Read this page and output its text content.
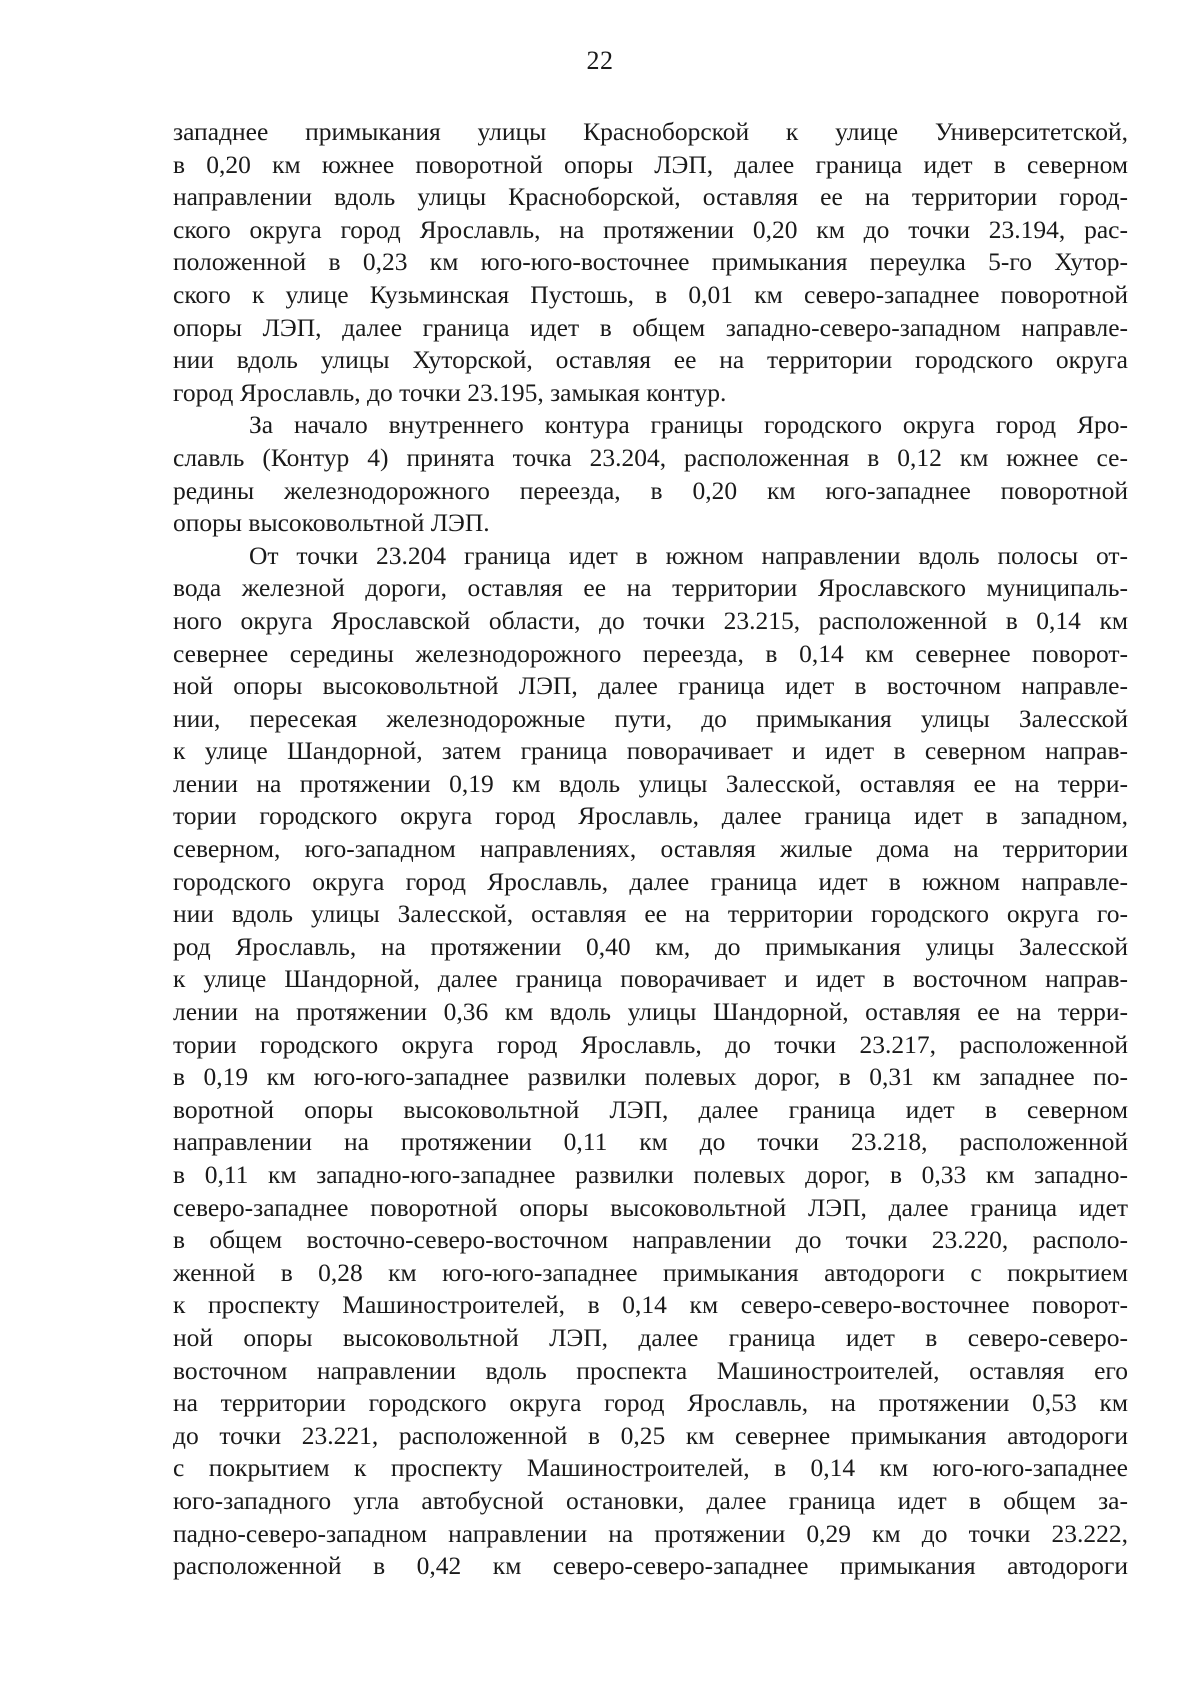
22
западнее примыкания улицы Красноборской к улице Университетской,
в 0,20 км южнее поворотной опоры ЛЭП, далее граница идет в северном
направлении вдоль улицы Красноборской, оставляя ее на территории город-
ского округа город Ярославль, на протяжении 0,20 км до точки 23.194, рас-
положенной в 0,23 км юго-юго-восточнее примыкания переулка 5-го Хутор-
ского к улице Кузьминская Пустошь, в 0,01 км северо-западнее поворотной
опоры ЛЭП, далее граница идет в общем западно-северо-западном направле-
нии вдоль улицы Хуторской, оставляя ее на территории городского округа
город Ярославль, до точки 23.195, замыкая контур.
За начало внутреннего контура границы городского округа город Яро-
славль (Контур 4) принята точка 23.204, расположенная в 0,12 км южнее се-
редины железнодорожного переезда, в 0,20 км юго-западнее поворотной
опоры высоковольтной ЛЭП.
От точки 23.204 граница идет в южном направлении вдоль полосы от-
вода железной дороги, оставляя ее на территории Ярославского муниципаль-
ного округа Ярославской области, до точки 23.215, расположенной в 0,14 км
севернее середины железнодорожного переезда, в 0,14 км севернее поворот-
ной опоры высоковольтной ЛЭП, далее граница идет в восточном направле-
нии, пересекая железнодорожные пути, до примыкания улицы Залесской
к улице Шандорной, затем граница поворачивает и идет в северном направ-
лении на протяжении 0,19 км вдоль улицы Залесской, оставляя ее на терри-
тории городского округа город Ярославль, далее граница идет в западном,
северном, юго-западном направлениях, оставляя жилые дома на территории
городского округа город Ярославль, далее граница идет в южном направле-
нии вдоль улицы Залесской, оставляя ее на территории городского округа го-
род Ярославль, на протяжении 0,40 км, до примыкания улицы Залесской
к улице Шандорной, далее граница поворачивает и идет в восточном направ-
лении на протяжении 0,36 км вдоль улицы Шандорной, оставляя ее на терри-
тории городского округа город Ярославль, до точки 23.217, расположенной
в 0,19 км юго-юго-западнее развилки полевых дорог, в 0,31 км западнее по-
воротной опоры высоковольтной ЛЭП, далее граница идет в северном
направлении на протяжении 0,11 км до точки 23.218, расположенной
в 0,11 км западно-юго-западнее развилки полевых дорог, в 0,33 км западно-
северо-западнее поворотной опоры высоковольтной ЛЭП, далее граница идет
в общем восточно-северо-восточном направлении до точки 23.220, располо-
женной в 0,28 км юго-юго-западнее примыкания автодороги с покрытием
к проспекту Машиностроителей, в 0,14 км северо-северо-восточнее поворот-
ной опоры высоковольтной ЛЭП, далее граница идет в северо-северо-
восточном направлении вдоль проспекта Машиностроителей, оставляя его
на территории городского округа город Ярославль, на протяжении 0,53 км
до точки 23.221, расположенной в 0,25 км севернее примыкания автодороги
с покрытием к проспекту Машиностроителей, в 0,14 км юго-юго-западнее
юго-западного угла автобусной остановки, далее граница идет в общем за-
падно-северо-западном направлении на протяжении 0,29 км до точки 23.222,
расположенной в 0,42 км северо-северо-западнее примыкания автодороги
